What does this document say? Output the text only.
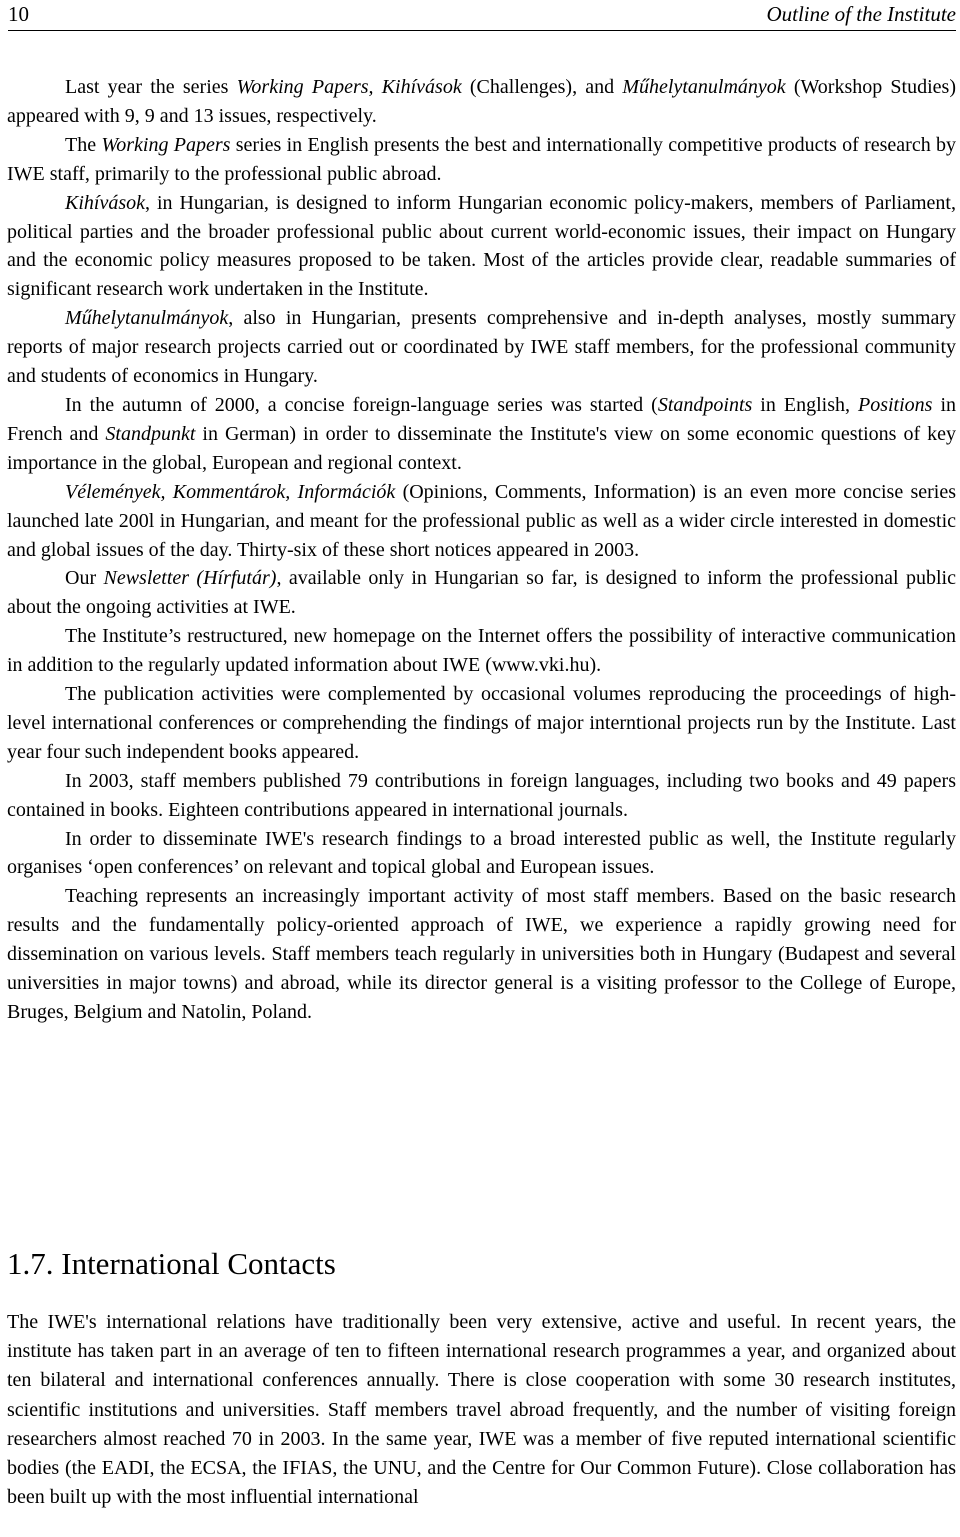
10	Outline of the Institute

Last year the series Working Papers, Kihívások (Challenges), and Műhelytanulmányok (Workshop Studies) appeared with 9, 9 and 13 issues, respectively.

The Working Papers series in English presents the best and internationally competitive products of research by IWE staff, primarily to the professional public abroad.

Kihívások, in Hungarian, is designed to inform Hungarian economic policy-makers, members of Parliament, political parties and the broader professional public about current world-economic issues, their impact on Hungary and the economic policy measures proposed to be taken. Most of the articles provide clear, readable summaries of significant research work undertaken in the Institute.

Műhelytanulmányok, also in Hungarian, presents comprehensive and in-depth analyses, mostly summary reports of major research projects carried out or coordinated by IWE staff members, for the professional community and students of economics in Hungary.

In the autumn of 2000, a concise foreign-language series was started (Standpoints in English, Positions in French and Standpunkt in German) in order to disseminate the Institute's view on some economic questions of key importance in the global, European and regional context.

Vélemények, Kommentárok, Információk (Opinions, Comments, Information) is an even more concise series launched late 200l in Hungarian, and meant for the professional public as well as a wider circle interested in domestic and global issues of the day. Thirty-six of these short notices appeared in 2003.

Our Newsletter (Hírfutár), available only in Hungarian so far, is designed to inform the professional public about the ongoing activities at IWE.

The Institute’s restructured, new homepage on the Internet offers the possibility of interactive communication in addition to the regularly updated information about IWE (www.vki.hu).

The publication activities were complemented by occasional volumes reproducing the proceedings of high-level international conferences or comprehending the findings of major interntional projects run by the Institute. Last year four such independent books appeared.

In 2003, staff members published 79 contributions in foreign languages, including two books and 49 papers contained in books. Eighteen contributions appeared in international journals.

In order to disseminate IWE's research findings to a broad interested public as well, the Institute regularly organises ‘open conferences’ on relevant and topical global and European issues.

Teaching represents an increasingly important activity of most staff members. Based on the basic research results and the fundamentally policy-oriented approach of IWE, we experience a rapidly growing need for dissemination on various levels. Staff members teach regularly in universities both in Hungary (Budapest and several universities in major towns) and abroad, while its director general is a visiting professor to the College of Europe, Bruges, Belgium and Natolin, Poland.

1.7. International Contacts

The IWE's international relations have traditionally been very extensive, active and useful. In recent years, the institute has taken part in an average of ten to fifteen international research programmes a year, and organized about ten bilateral and international conferences annually. There is close cooperation with some 30 research institutes, scientific institutions and universities. Staff members travel abroad frequently, and the number of visiting foreign researchers almost reached 70 in 2003. In the same year, IWE was a member of five reputed international scientific bodies (the EADI, the ECSA, the IFIAS, the UNU, and the Centre for Our Common Future). Close collaboration has been built up with the most influential international
